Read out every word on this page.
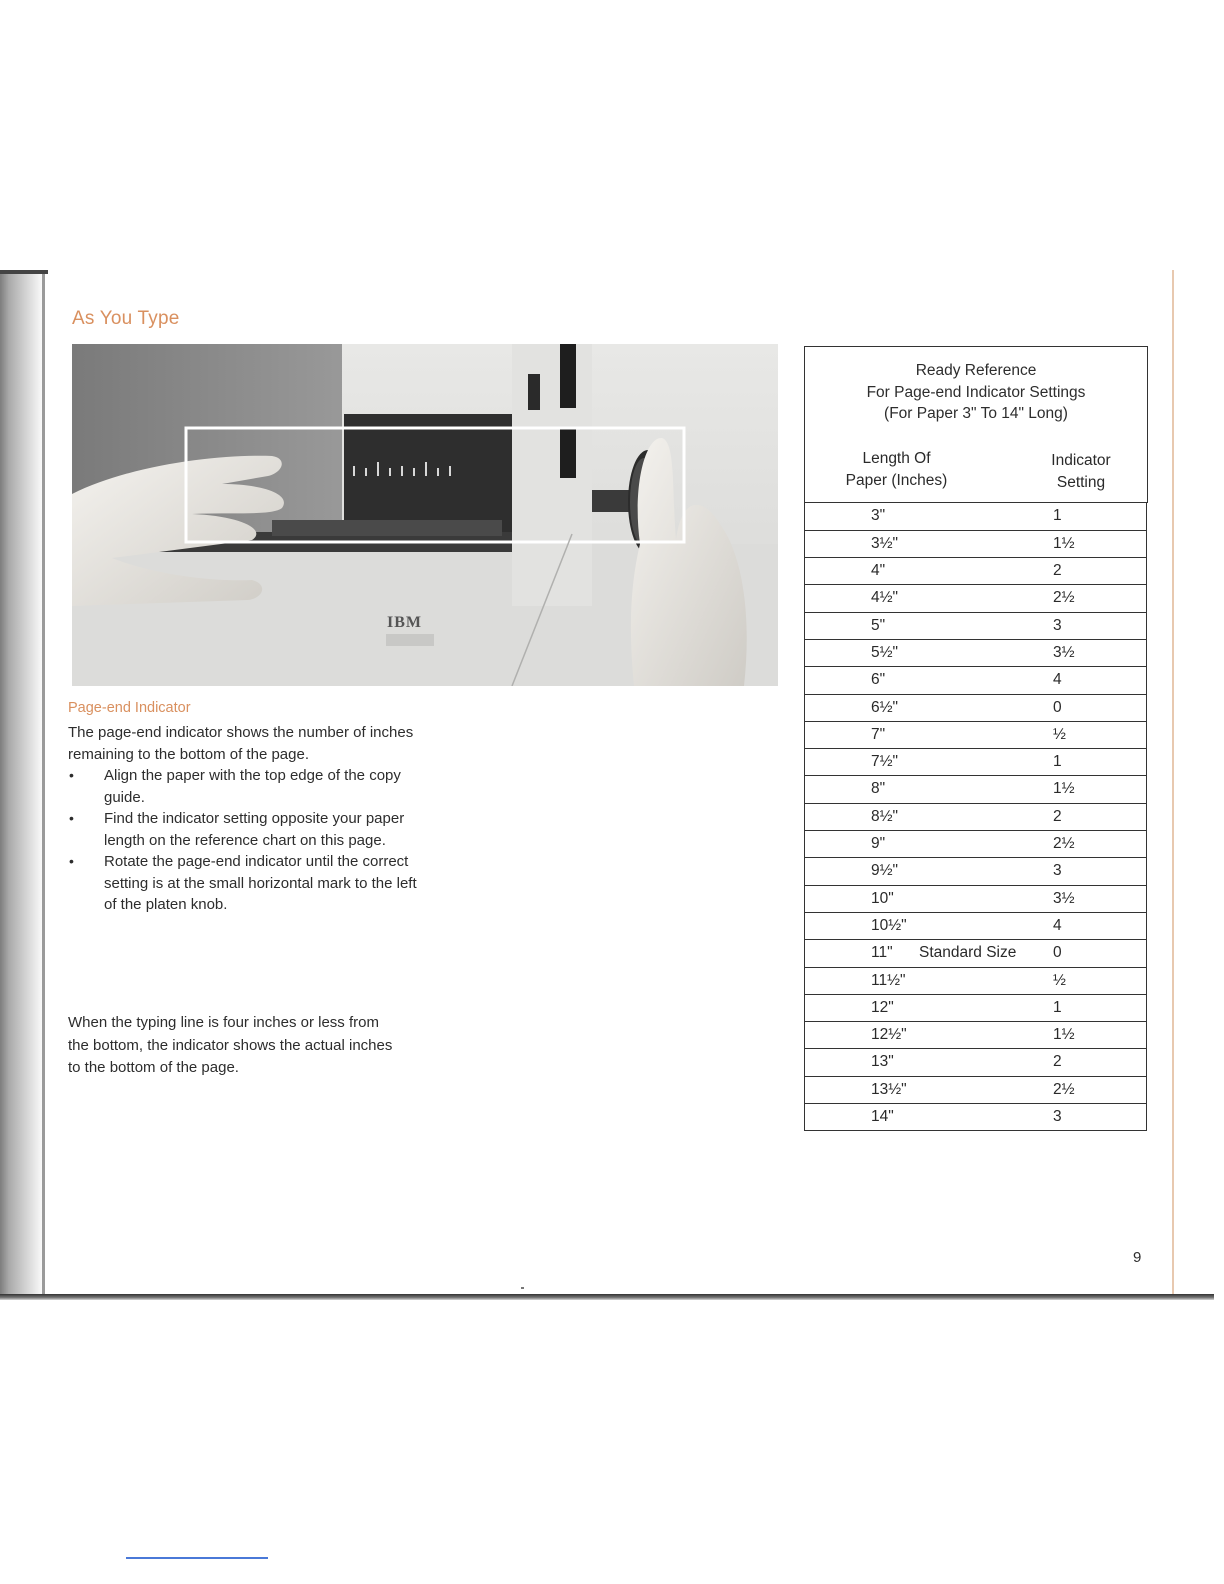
As You Type
IBM
Page-end Indicator

The page-end indicator shows the number of inches remaining to the bottom of the page.

• Align the paper with the top edge of the copy guide.
• Find the indicator setting opposite your paper length on the reference chart on this page.
• Rotate the page-end indicator until the correct setting is at the small horizontal mark to the left of the platen knob.
When the typing line is four inches or less from the bottom, the indicator shows the actual inches to the bottom of the page.
Ready Reference
For Page-end Indicator Settings
(For Paper 3" To 14" Long)
Length Of
Paper (Inches)
Indicator
Setting
3"	1
3½"	1½
4"	2
4½"	2½
5"	3
5½"	3½
6"	4
6½"	0
7"	½
7½"	1
8"	1½
8½"	2
9"	2½
9½"	3
10"	3½
10½"	4
11" Standard Size 0
11½"	½
12"	1
12½"	1½
13"	2
13½"	2½
14"	3
9
